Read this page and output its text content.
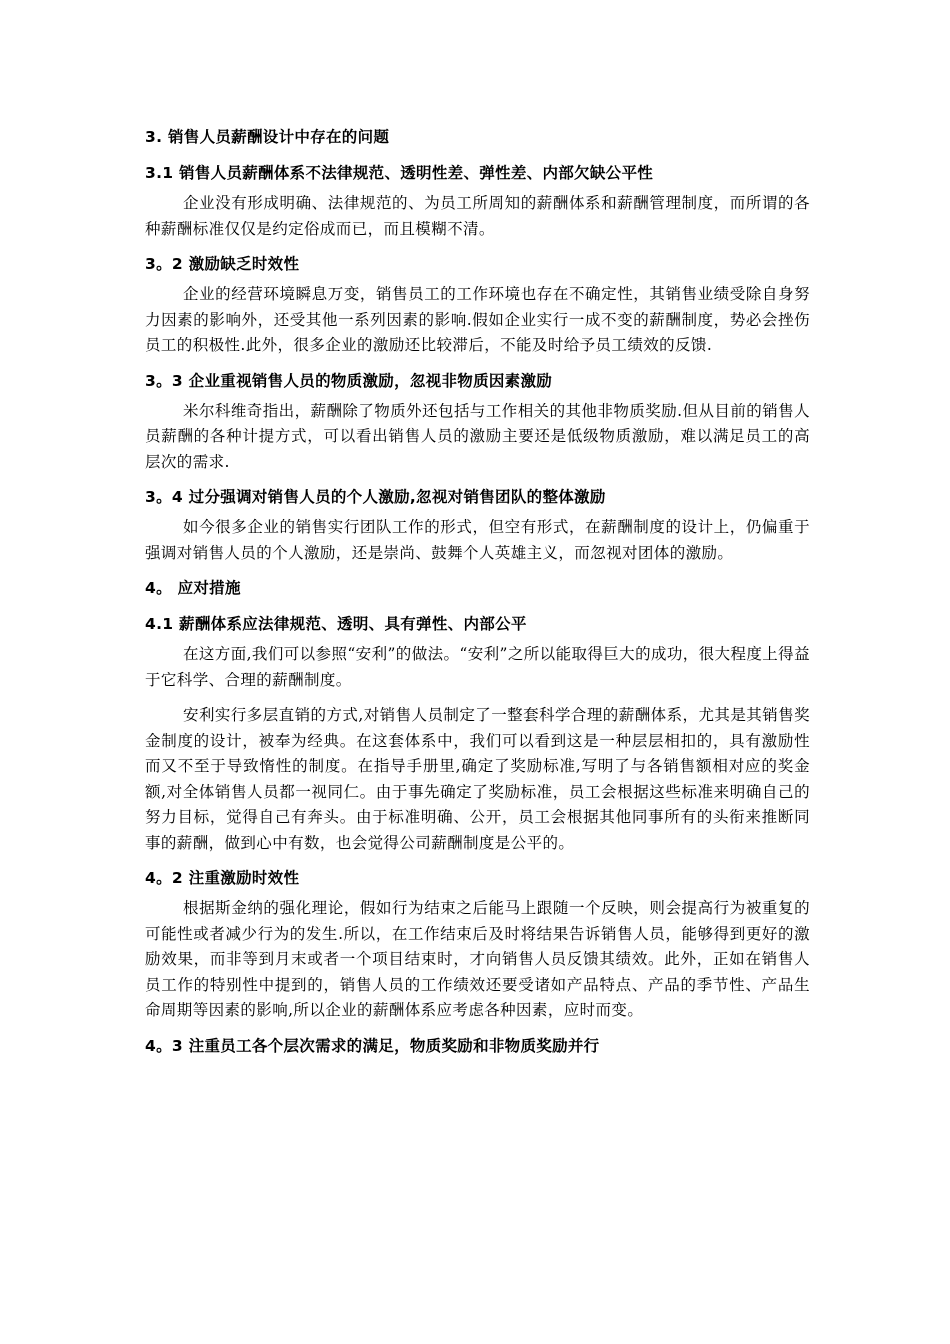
3. 销售人员薪酬设计中存在的问题
3.1 销售人员薪酬体系不法律规范、透明性差、弹性差、内部欠缺公平性

企业没有形成明确、法律规范的、为员工所周知的薪酬体系和薪酬管理制度，而所谓的各种薪酬标准仅仅是约定俗成而已，而且模糊不清。

3。2 激励缺乏时效性

企业的经营环境瞬息万变，销售员工的工作环境也存在不确定性，其销售业绩受除自身努力因素的影响外，还受其他一系列因素的影响.假如企业实行一成不变的薪酬制度，势必会挫伤员工的积极性.此外，很多企业的激励还比较滞后，不能及时给予员工绩效的反馈.

3。3 企业重视销售人员的物质激励，忽视非物质因素激励

米尔科维奇指出，薪酬除了物质外还包括与工作相关的其他非物质奖励.但从目前的销售人员薪酬的各种计提方式，可以看出销售人员的激励主要还是低级物质激励，难以满足员工的高层次的需求.

3。4 过分强调对销售人员的个人激励,忽视对销售团队的整体激励

如今很多企业的销售实行团队工作的形式，但空有形式，在薪酬制度的设计上，仍偏重于强调对销售人员的个人激励，还是崇尚、鼓舞个人英雄主义，而忽视对团体的激励。

4。 应对措施
4.1 薪酬体系应法律规范、透明、具有弹性、内部公平

在这方面,我们可以参照“安利”的做法。“安利”之所以能取得巨大的成功，很大程度上得益于它科学、合理的薪酬制度。

安利实行多层直销的方式,对销售人员制定了一整套科学合理的薪酬体系，尤其是其销售奖金制度的设计，被奉为经典。在这套体系中，我们可以看到这是一种层层相扣的，具有激励性而又不至于导致惰性的制度。在指导手册里,确定了奖励标准,写明了与各销售额相对应的奖金额,对全体销售人员都一视同仁。由于事先确定了奖励标准，员工会根据这些标准来明确自己的努力目标，觉得自己有奔头。由于标准明确、公开，员工会根据其他同事所有的头衔来推断同事的薪酬，做到心中有数，也会觉得公司薪酬制度是公平的。

4。2 注重激励时效性

根据斯金纳的强化理论，假如行为结束之后能马上跟随一个反映，则会提高行为被重复的可能性或者减少行为的发生.所以，在工作结束后及时将结果告诉销售人员，能够得到更好的激励效果，而非等到月末或者一个项目结束时，才向销售人员反馈其绩效。此外，正如在销售人员工作的特别性中提到的，销售人员的工作绩效还要受诸如产品特点、产品的季节性、产品生命周期等因素的影响,所以企业的薪酬体系应考虑各种因素，应时而变。

4。3 注重员工各个层次需求的满足，物质奖励和非物质奖励并行
